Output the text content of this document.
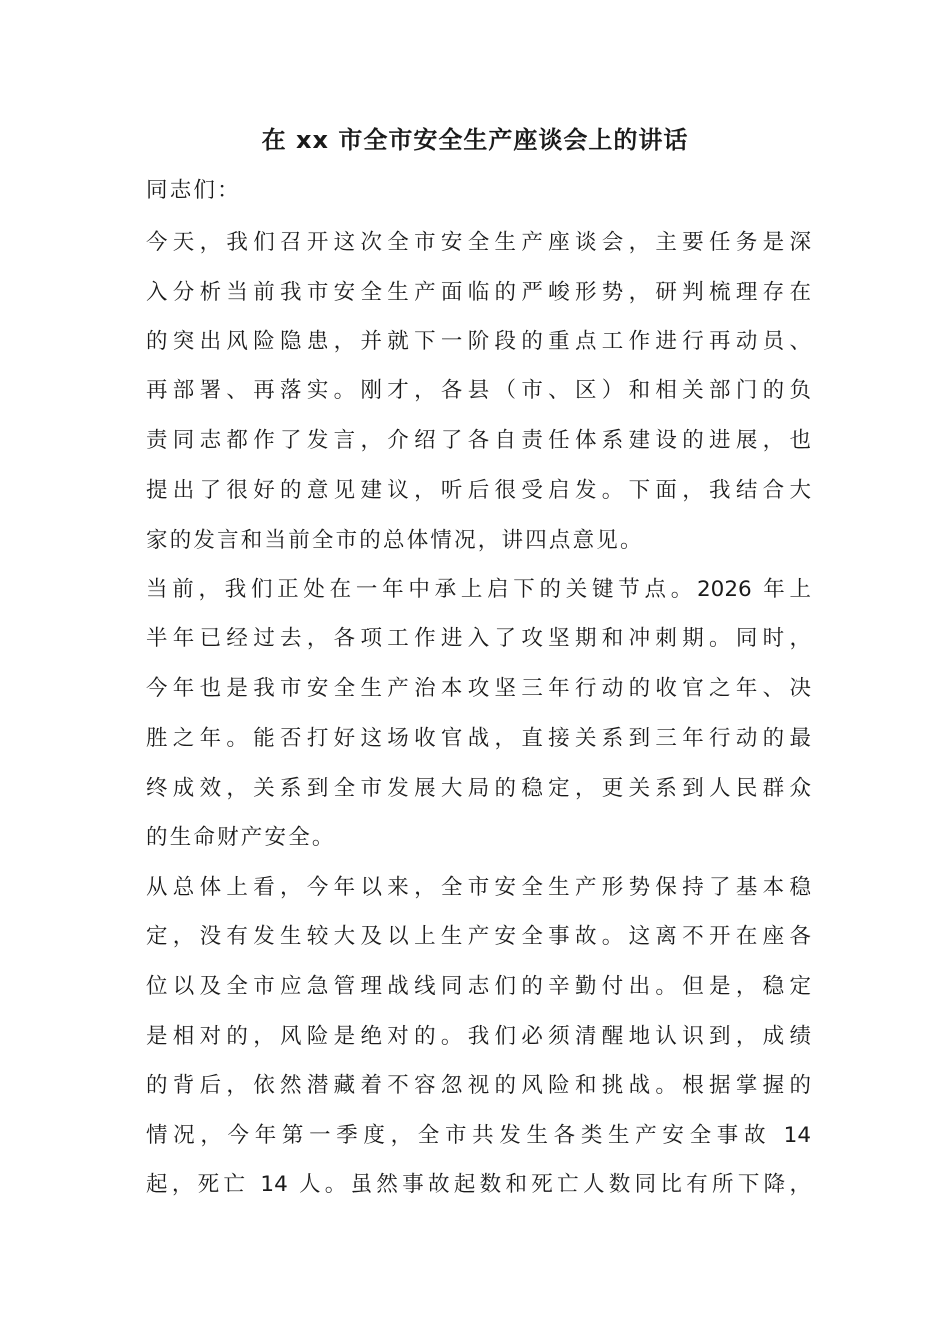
在 xx 市全市安全生产座谈会上的讲话
同志们：
今天，我们召开这次全市安全生产座谈会，主要任务是深
入分析当前我市安全生产面临的严峻形势，研判梳理存在
的突出风险隐患，并就下一阶段的重点工作进行再动员、
再部署、再落实。刚才，各县（市、区）和相关部门的负
责同志都作了发言，介绍了各自责任体系建设的进展，也
提出了很好的意见建议，听后很受启发。下面，我结合大
家的发言和当前全市的总体情况，讲四点意见。
当前，我们正处在一年中承上启下的关键节点。2026 年上
半年已经过去，各项工作进入了攻坚期和冲刺期。同时，
今年也是我市安全生产治本攻坚三年行动的收官之年、决
胜之年。能否打好这场收官战，直接关系到三年行动的最
终成效，关系到全市发展大局的稳定，更关系到人民群众
的生命财产安全。
从总体上看，今年以来，全市安全生产形势保持了基本稳
定，没有发生较大及以上生产安全事故。这离不开在座各
位以及全市应急管理战线同志们的辛勤付出。但是，稳定
是相对的，风险是绝对的。我们必须清醒地认识到，成绩
的背后，依然潜藏着不容忽视的风险和挑战。根据掌握的
情况，今年第一季度，全市共发生各类生产安全事故 14
起，死亡 14 人。虽然事故起数和死亡人数同比有所下降，
